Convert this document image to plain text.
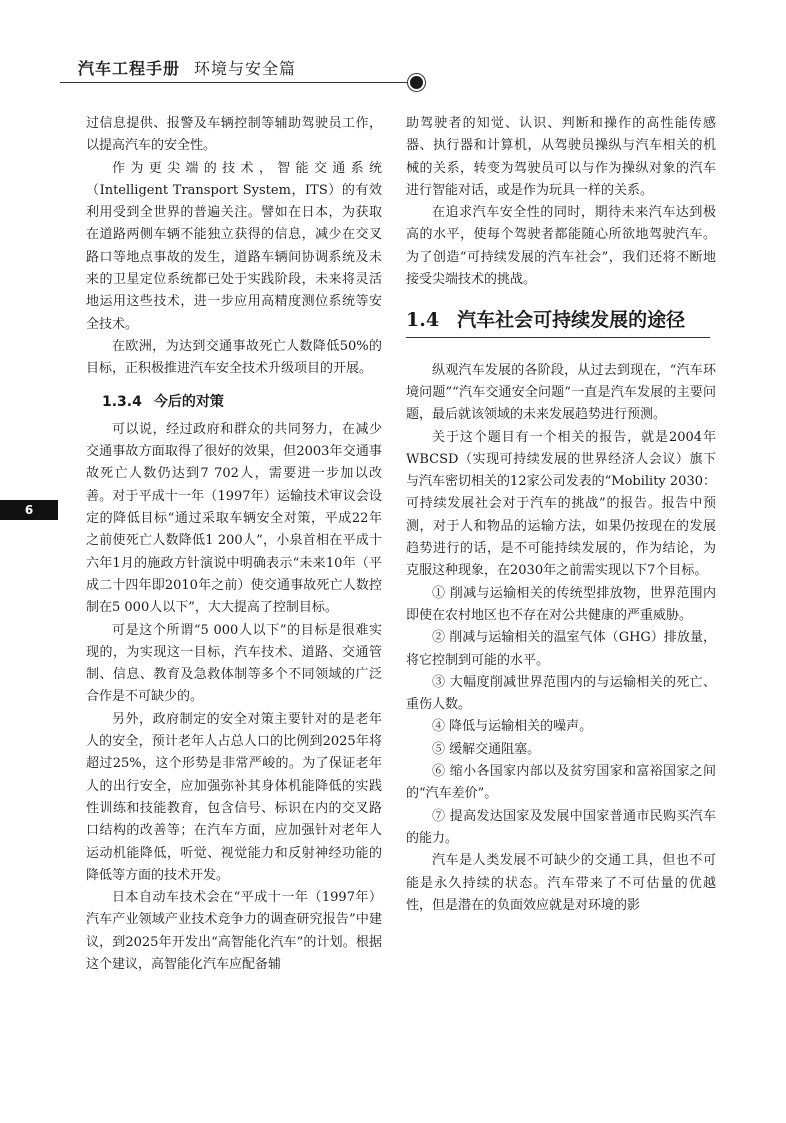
汽车工程手册 环境与安全篇
6

过信息提供、报警及车辆控制等辅助驾驶员工作，以提高汽车的安全性。

作为更尖端的技术，智能交通系统（Intelligent Transport System，ITS）的有效利用受到全世界的普遍关注。譬如在日本，为获取在道路两侧车辆不能独立获得的信息，减少在交叉路口等地点事故的发生，道路车辆间协调系统及未来的卫星定位系统都已处于实践阶段，未来将灵活地运用这些技术，进一步应用高精度测位系统等安全技术。

在欧洲，为达到交通事故死亡人数降低50%的目标，正积极推进汽车安全技术升级项目的开展。

1.3.4 今后的对策

可以说，经过政府和群众的共同努力，在减少交通事故方面取得了很好的效果，但2003年交通事故死亡人数仍达到7 702人，需要进一步加以改善。对于平成十一年（1997年）运输技术审议会设定的降低目标“通过采取车辆安全对策，平成22年之前使死亡人数降低1 200人”，小泉首相在平成十六年1月的施政方针演说中明确表示“未来10年（平成二十四年即2010年之前）使交通事故死亡人数控制在5 000人以下”，大大提高了控制目标。

可是这个所谓“5 000人以下”的目标是很难实现的，为实现这一目标，汽车技术、道路、交通管制、信息、教育及急救体制等多个不同领域的广泛合作是不可缺少的。

另外，政府制定的安全对策主要针对的是老年人的安全，预计老年人占总人口的比例到2025年将超过25%，这个形势是非常严峻的。为了保证老年人的出行安全，应加强弥补其身体机能降低的实践性训练和技能教育，包含信号、标识在内的交叉路口结构的改善等；在汽车方面，应加强针对老年人运动机能降低，听觉、视觉能力和反射神经功能的降低等方面的技术开发。

日本自动车技术会在“平成十一年（1997年）汽车产业领域产业技术竞争力的调查研究报告”中建议，到2025年开发出“高智能化汽车”的计划。根据这个建议，高智能化汽车应配备辅

助驾驶者的知觉、认识、判断和操作的高性能传感器、执行器和计算机，从驾驶员操纵与汽车相关的机械的关系，转变为驾驶员可以与作为操纵对象的汽车进行智能对话，或是作为玩具一样的关系。

在追求汽车安全性的同时，期待未来汽车达到极高的水平，使每个驾驶者都能随心所欲地驾驶汽车。为了创造“可持续发展的汽车社会”，我们还将不断地接受尖端技术的挑战。

1.4 汽车社会可持续发展的途径

纵观汽车发展的各阶段，从过去到现在，“汽车环境问题”“汽车交通安全问题”一直是汽车发展的主要问题，最后就该领域的未来发展趋势进行预测。

关于这个题目有一个相关的报告，就是2004年WBCSD（实现可持续发展的世界经济人会议）旗下与汽车密切相关的12家公司发表的“Mobility 2030：可持续发展社会对于汽车的挑战”的报告。报告中预测，对于人和物品的运输方法，如果仍按现在的发展趋势进行的话，是不可能持续发展的，作为结论，为克服这种现象，在2030年之前需实现以下7个目标。

① 削减与运输相关的传统型排放物，世界范围内即使在农村地区也不存在对公共健康的严重威胁。

② 削减与运输相关的温室气体（GHG）排放量，将它控制到可能的水平。

③ 大幅度削减世界范围内的与运输相关的死亡、重伤人数。

④ 降低与运输相关的噪声。

⑤ 缓解交通阻塞。

⑥ 缩小各国家内部以及贫穷国家和富裕国家之间的“汽车差价”。

⑦ 提高发达国家及发展中国家普通市民购买汽车的能力。

汽车是人类发展不可缺少的交通工具，但也不可能是永久持续的状态。汽车带来了不可估量的优越性，但是潜在的负面效应就是对环境的影
